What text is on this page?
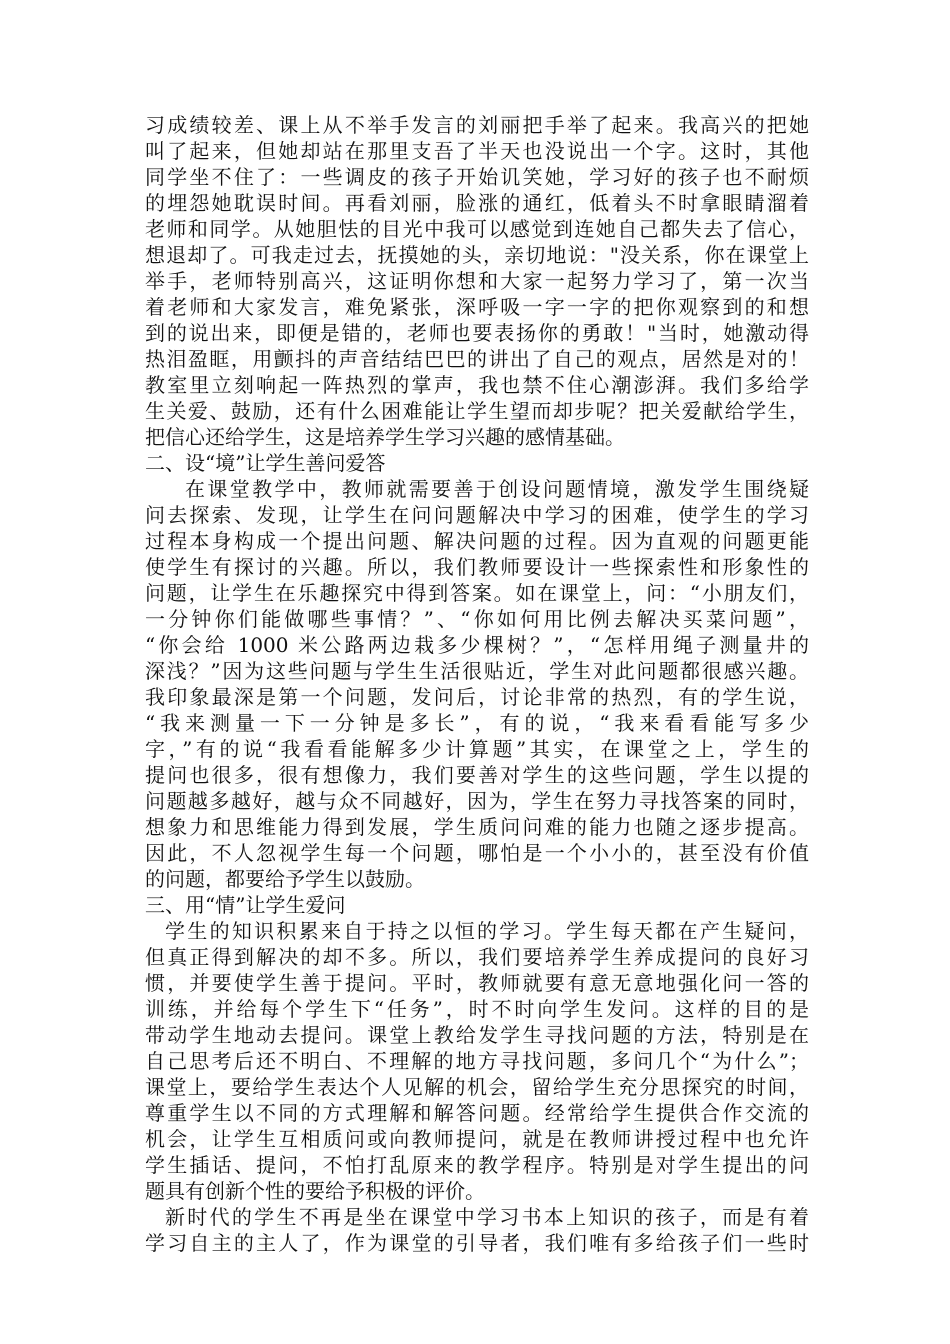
习成绩较差、课上从不举手发言的刘丽把手举了起来。我高兴的把她
叫了起来，但她却站在那里支吾了半天也没说出一个字。这时，其他
同学坐不住了：一些调皮的孩子开始讥笑她，学习好的孩子也不耐烦
的埋怨她耽误时间。再看刘丽，脸涨的通红，低着头不时拿眼睛溜着
老师和同学。从她胆怯的目光中我可以感觉到连她自己都失去了信心，
想退却了。可我走过去，抚摸她的头，亲切地说："没关系，你在课堂上
举手，老师特别高兴，这证明你想和大家一起努力学习了，第一次当
着老师和大家发言，难免紧张，深呼吸一字一字的把你观察到的和想
到的说出来，即便是错的，老师也要表扬你的勇敢！"当时，她激动得
热泪盈眶，用颤抖的声音结结巴巴的讲出了自己的观点，居然是对的！
教室里立刻响起一阵热烈的掌声，我也禁不住心潮澎湃。我们多给学
生关爱、鼓励，还有什么困难能让学生望而却步呢？把关爱献给学生，
把信心还给学生，这是培养学生学习兴趣的感情基础。
二、设“境”让学生善问爱答
在课堂教学中，教师就需要善于创设问题情境，激发学生围绕疑
问去探索、发现，让学生在问问题解决中学习的困难，使学生的学习
过程本身构成一个提出问题、解决问题的过程。因为直观的问题更能
使学生有探讨的兴趣。所以，我们教师要设计一些探索性和形象性的
问题，让学生在乐趣探究中得到答案。如在课堂上，问：“小朋友们，
一分钟你们能做哪些事情？”、“你如何用比例去解决买菜问题”，
“你会给 1000 米公路两边栽多少棵树？”，“怎样用绳子测量井的
深浅？”因为这些问题与学生生活很贴近，学生对此问题都很感兴趣。
我印象最深是第一个问题，发问后，讨论非常的热烈，有的学生说，
“我来测量一下一分钟是多长”，有的说，“我来看看能写多少
字，”有的说“我看看能解多少计算题”其实，在课堂之上，学生的
提问也很多，很有想像力，我们要善对学生的这些问题，学生以提的
问题越多越好，越与众不同越好，因为，学生在努力寻找答案的同时，
想象力和思维能力得到发展，学生质问问难的能力也随之逐步提高。
因此，不人忽视学生每一个问题，哪怕是一个小小的，甚至没有价值
的问题，都要给予学生以鼓励。
三、用“情”让学生爱问
学生的知识积累来自于持之以恒的学习。学生每天都在产生疑问，
但真正得到解决的却不多。所以，我们要培养学生养成提问的良好习
惯，并要使学生善于提问。平时，教师就要有意无意地强化问一答的
训练，并给每个学生下“任务”，时不时向学生发问。这样的目的是
带动学生地动去提问。课堂上教给发学生寻找问题的方法，特别是在
自己思考后还不明白、不理解的地方寻找问题，多问几个“为什么”；
课堂上，要给学生表达个人见解的机会，留给学生充分思探究的时间，
尊重学生以不同的方式理解和解答问题。经常给学生提供合作交流的
机会，让学生互相质问或向教师提问，就是在教师讲授过程中也允许
学生插话、提问，不怕打乱原来的教学程序。特别是对学生提出的问
题具有创新个性的要给予积极的评价。
新时代的学生不再是坐在课堂中学习书本上知识的孩子，而是有着
学习自主的主人了，作为课堂的引导者，我们唯有多给孩子们一些时
